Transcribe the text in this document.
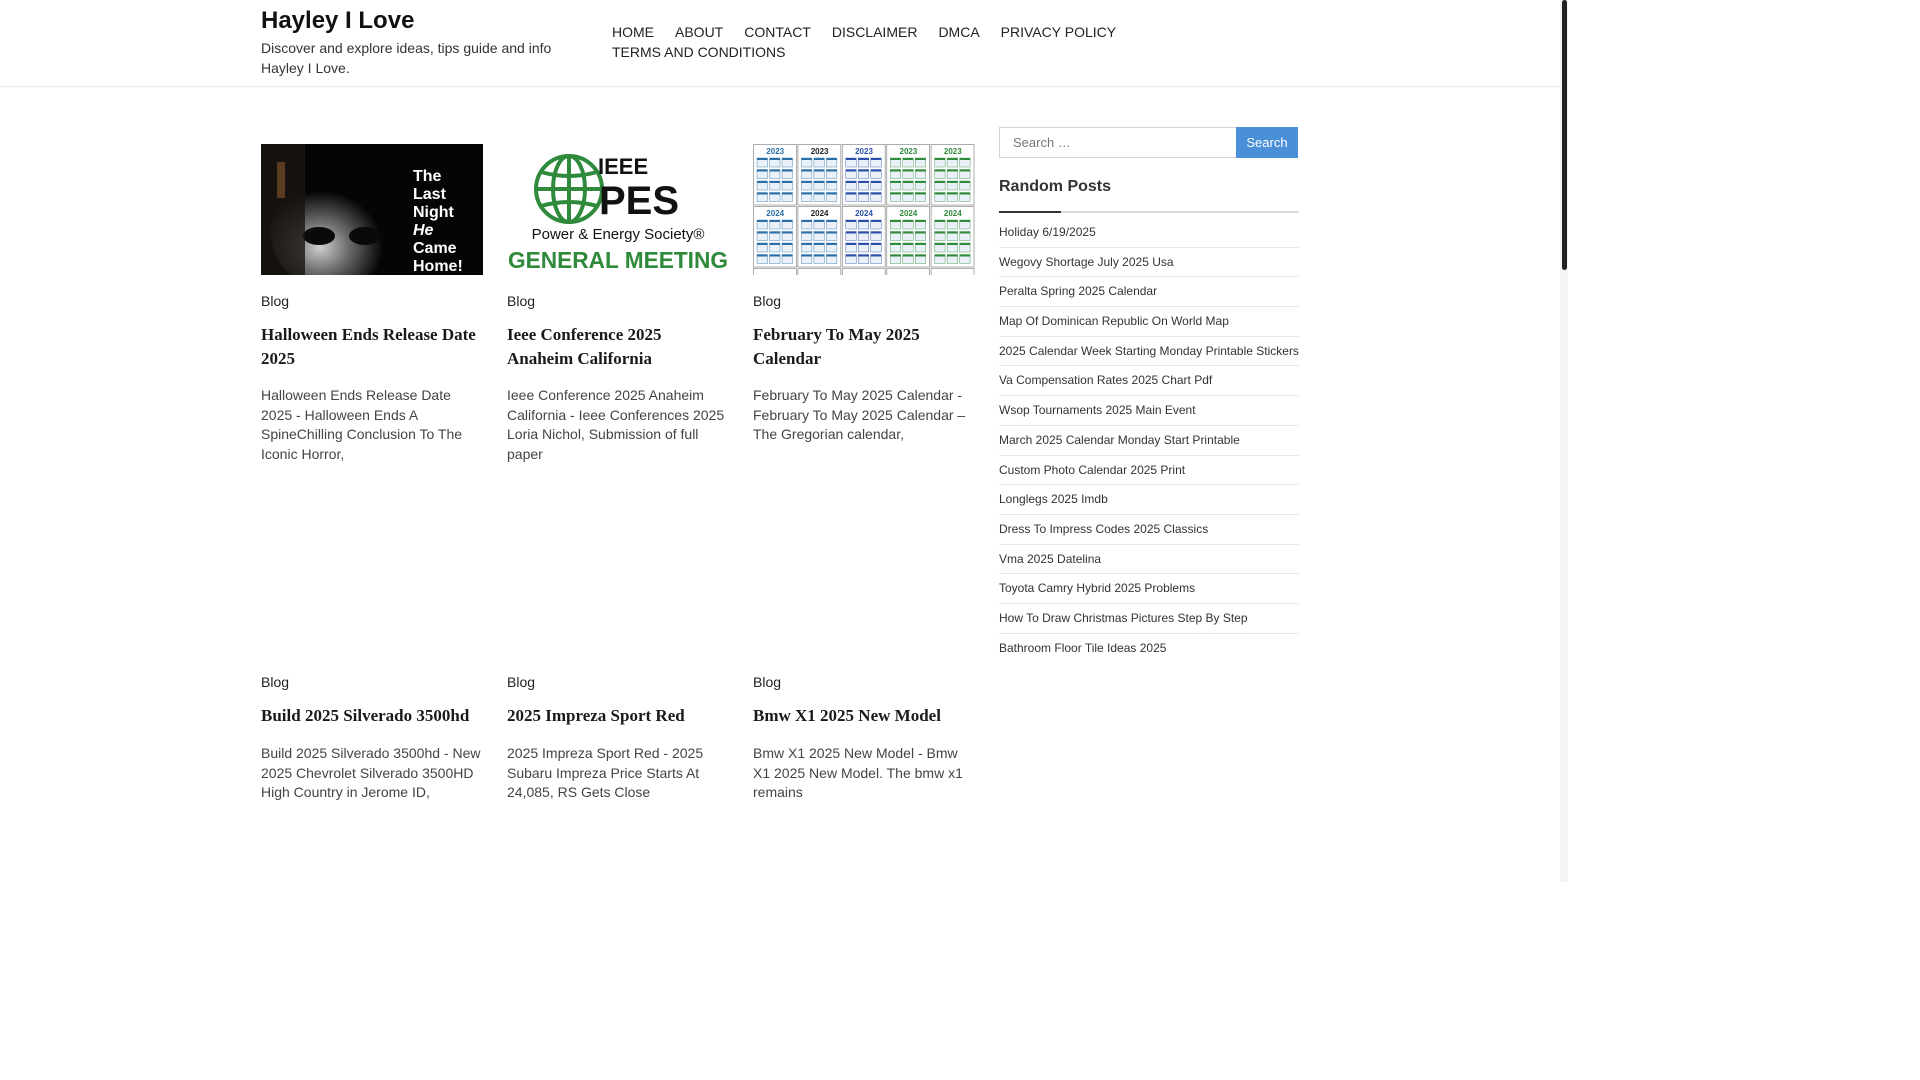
Hayley I Love
Discover and explore ideas, tips guide and info Hayley I Love.
HOME ABOUT CONTACT DISCLAIMER DMCA PRIVACY POLICYTERMS AND CONDITIONS
The
Last
Night
He
Came
Home!
Blog
Halloween Ends Release Date 2025
Halloween Ends Release Date 2025 - Halloween Ends A SpineChilling Conclusion To The Iconic Horror,
IEEE
PES
Power & Energy Society®
GENERAL MEETING
Blog
Ieee Conference 2025 Anaheim California
Ieee Conference 2025 Anaheim California - Ieee Conferences 2025 Loria Nichol, Submission of full paper
2023	2023	2023	2023	2023
2024	2024	2024	2024	2024
Blog
February To May 2025 Calendar
February To May 2025 Calendar - February To May 2025 Calendar – The Gregorian calendar,
Blog
Build 2025 Silverado 3500hd
Build 2025 Silverado 3500hd - New 2025 Chevrolet Silverado 3500HD High Country in Jerome ID,
Blog
2025 Impreza Sport Red
2025 Impreza Sport Red - 2025 Subaru Impreza Price Starts At 24,085, RS Gets Close
Blog
Bmw X1 2025 New Model
Bmw X1 2025 New Model - Bmw X1 2025 New Model. The bmw x1 remains
Search …	Search
Random Posts
Holiday 6/19/2025
Wegovy Shortage July 2025 Usa
Peralta Spring 2025 Calendar
Map Of Dominican Republic On World Map
2025 Calendar Week Starting Monday Printable Stickers
Va Compensation Rates 2025 Chart Pdf
Wsop Tournaments 2025 Main Event
March 2025 Calendar Monday Start Printable
Custom Photo Calendar 2025 Print
Longlegs 2025 Imdb
Dress To Impress Codes 2025 Classics
Vma 2025 Datelina
Toyota Camry Hybrid 2025 Problems
How To Draw Christmas Pictures Step By Step
Bathroom Floor Tile Ideas 2025
